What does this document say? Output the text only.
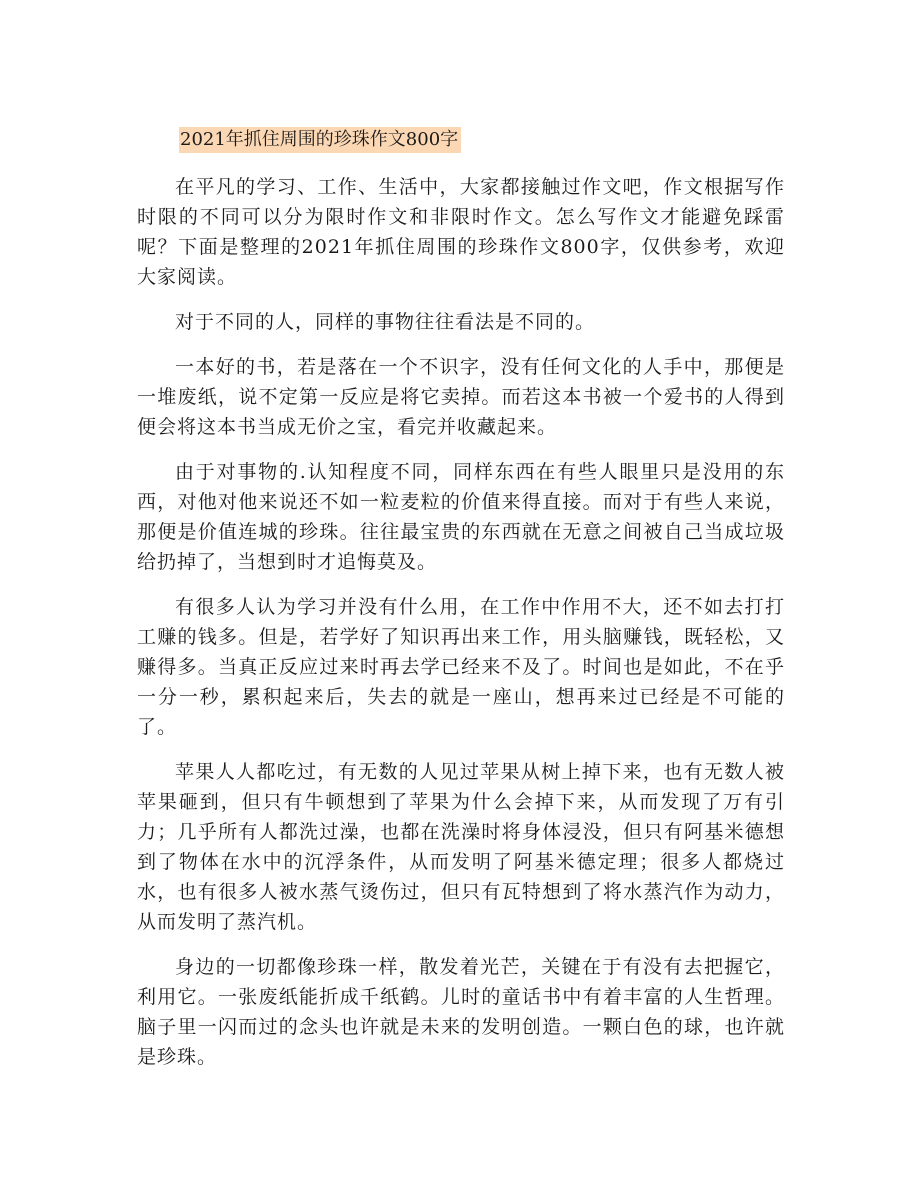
2021年抓住周围的珍珠作文800字

在平凡的学习、工作、生活中，大家都接触过作文吧，作文根据写作时限的不同可以分为限时作文和非限时作文。怎么写作文才能避免踩雷呢？下面是整理的2021年抓住周围的珍珠作文800字，仅供参考，欢迎大家阅读。

对于不同的人，同样的事物往往看法是不同的。

一本好的书，若是落在一个不识字，没有任何文化的人手中，那便是一堆废纸，说不定第一反应是将它卖掉。而若这本书被一个爱书的人得到便会将这本书当成无价之宝，看完并收藏起来。

由于对事物的.认知程度不同，同样东西在有些人眼里只是没用的东西，对他对他来说还不如一粒麦粒的价值来得直接。而对于有些人来说，那便是价值连城的珍珠。往往最宝贵的东西就在无意之间被自己当成垃圾给扔掉了，当想到时才追悔莫及。

有很多人认为学习并没有什么用，在工作中作用不大，还不如去打打工赚的钱多。但是，若学好了知识再出来工作，用头脑赚钱，既轻松，又赚得多。当真正反应过来时再去学已经来不及了。时间也是如此，不在乎一分一秒，累积起来后，失去的就是一座山，想再来过已经是不可能的了。

苹果人人都吃过，有无数的人见过苹果从树上掉下来，也有无数人被苹果砸到，但只有牛顿想到了苹果为什么会掉下来，从而发现了万有引力；几乎所有人都洗过澡，也都在洗澡时将身体浸没，但只有阿基米德想到了物体在水中的沉浮条件，从而发明了阿基米德定理；很多人都烧过水，也有很多人被水蒸气烫伤过，但只有瓦特想到了将水蒸汽作为动力，从而发明了蒸汽机。

身边的一切都像珍珠一样，散发着光芒，关键在于有没有去把握它，利用它。一张废纸能折成千纸鹤。儿时的童话书中有着丰富的人生哲理。脑子里一闪而过的念头也许就是未来的发明创造。一颗白色的球，也许就是珍珠。
